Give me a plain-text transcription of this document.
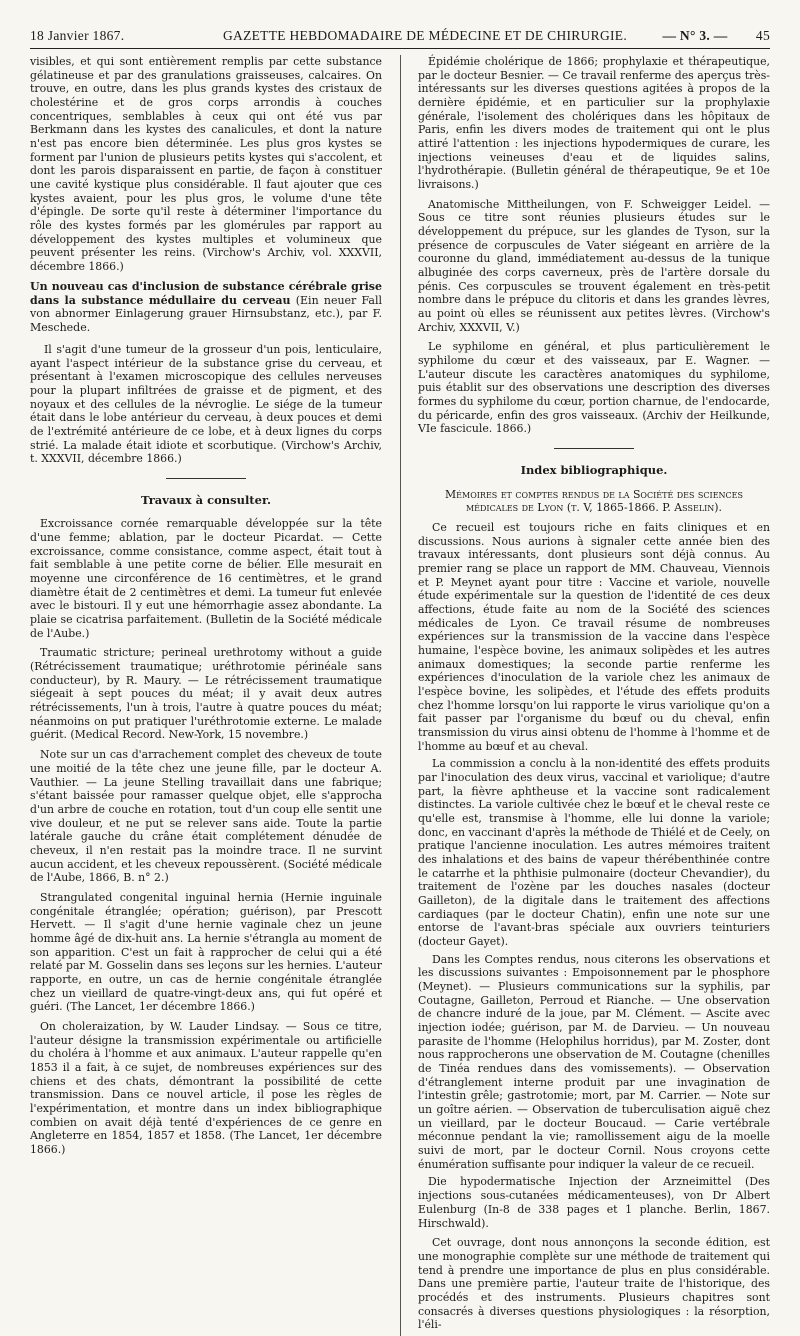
18 Janvier 1867.	GAZETTE HEBDOMADAIRE DE MÉDECINE ET DE CHIRURGIE.	— N° 3. —	45

visibles, et qui sont entièrement remplis par cette substance gélatineuse et par des granulations graisseuses, calcaires. On trouve, en outre, dans les plus grands kystes des cristaux de cholestérine et de gros corps arrondis à couches concentriques, semblables à ceux qui ont été vus par Berkmann dans les kystes des canalicules, et dont la nature n'est pas encore bien déterminée. Les plus gros kystes se forment par l'union de plusieurs petits kystes qui s'accolent, et dont les parois disparaissent en partie, de façon à constituer une cavité kystique plus considérable. Il faut ajouter que ces kystes avaient, pour les plus gros, le volume d'une tête d'épingle. De sorte qu'il reste à déterminer l'importance du rôle des kystes formés par les glomérules par rapport au développement des kystes multiples et volumineux que peuvent présenter les reins. (Virchow's Archiv, vol. XXXVII, décembre 1866.)

Un nouveau cas d'inclusion de substance cérébrale grise dans la substance médullaire du cerveau (Ein neuer Fall von abnormer Einlagerung grauer Hirnsubstanz, etc.), par F. Meschede.

Il s'agit d'une tumeur de la grosseur d'un pois, lenticulaire, ayant l'aspect intérieur de la substance grise du cerveau, et présentant à l'examen microscopique des cellules nerveuses pour la plupart infiltrées de graisse et de pigment, et des noyaux et des cellules de la névroglie. Le siége de la tumeur était dans le lobe antérieur du cerveau, à deux pouces et demi de l'extrémité antérieure de ce lobe, et à deux lignes du corps strié. La malade était idiote et scorbutique. (Virchow's Archiv, t. XXXVII, décembre 1866.)

Travaux à consulter.

Excroissance cornée remarquable développée sur la tête d'une femme; ablation, par le docteur Picardat. — Cette excroissance, comme consistance, comme aspect, était tout à fait semblable à une petite corne de bélier. Elle mesurait en moyenne une circonférence de 16 centimètres, et le grand diamètre était de 2 centimètres et demi. La tumeur fut enlevée avec le bistouri. Il y eut une hémorrhagie assez abondante. La plaie se cicatrisa parfaitement. (Bulletin de la Société médicale de l'Aube.)

Traumatic stricture; perineal urethrotomy without a guide (Rétrécissement traumatique; uréthrotomie périnéale sans conducteur), by R. Maury. — Le rétrécissement traumatique siégeait à sept pouces du méat; il y avait deux autres rétrécissements, l'un à trois, l'autre à quatre pouces du méat; néanmoins on put pratiquer l'uréthrotomie externe. Le malade guérit. (Medical Record. New-York, 15 novembre.)

Note sur un cas d'arrachement complet des cheveux de toute une moitié de la tête chez une jeune fille, par le docteur A. Vauthier. — La jeune Stelling travaillait dans une fabrique; s'étant baissée pour ramasser quelque objet, elle s'approcha d'un arbre de couche en rotation, tout d'un coup elle sentit une vive douleur, et ne put se relever sans aide. Toute la partie latérale gauche du crâne était complétement dénudée de cheveux, il n'en restait pas la moindre trace. Il ne survint aucun accident, et les cheveux repoussèrent. (Société médicale de l'Aube, 1866, B. n° 2.)

Strangulated congenital inguinal hernia (Hernie inguinale congénitale étranglée; opération; guérison), par Prescott Hervett. — Il s'agit d'une hernie vaginale chez un jeune homme âgé de dix-huit ans. La hernie s'étrangla au moment de son apparition. C'est un fait à rapprocher de celui qui a été relaté par M. Gosselin dans ses leçons sur les hernies. L'auteur rapporte, en outre, un cas de hernie congénitale étranglée chez un vieillard de quatre-vingt-deux ans, qui fut opéré et guéri. (The Lancet, 1er décembre 1866.)

On choleraization, by W. Lauder Lindsay. — Sous ce titre, l'auteur désigne la transmission expérimentale ou artificielle du choléra à l'homme et aux animaux. L'auteur rappelle qu'en 1853 il a fait, à ce sujet, de nombreuses expériences sur des chiens et des chats, démontrant la possibilité de cette transmission. Dans ce nouvel article, il pose les règles de l'expérimentation, et montre dans un index bibliographique combien on avait déjà tenté d'expériences de ce genre en Angleterre en 1854, 1857 et 1858. (The Lancet, 1er décembre 1866.)

Épidémie cholérique de 1866; prophylaxie et thérapeutique, par le docteur Besnier. — Ce travail renferme des aperçus très-intéressants sur les diverses questions agitées à propos de la dernière épidémie, et en particulier sur la prophylaxie générale, l'isolement des cholériques dans les hôpitaux de Paris, enfin les divers modes de traitement qui ont le plus attiré l'attention : les injections hypodermiques de curare, les injections veineuses d'eau et de liquides salins, l'hydrothérapie. (Bulletin général de thérapeutique, 9e et 10e livraisons.)

Anatomische Mittheilungen, von F. Schweigger Leidel. — Sous ce titre sont réunies plusieurs études sur le développement du prépuce, sur les glandes de Tyson, sur la présence de corpuscules de Vater siégeant en arrière de la couronne du gland, immédiatement au-dessus de la tunique albuginée des corps caverneux, près de l'artère dorsale du pénis. Ces corpuscules se trouvent également en très-petit nombre dans le prépuce du clitoris et dans les grandes lèvres, au point où elles se réunissent aux petites lèvres. (Virchow's Archiv, XXXVII, V.)

Le syphilome en général, et plus particulièrement le syphilome du cœur et des vaisseaux, par E. Wagner. — L'auteur discute les caractères anatomiques du syphilome, puis établit sur des observations une description des diverses formes du syphilome du cœur, portion charnue, de l'endocarde, du péricarde, enfin des gros vaisseaux. (Archiv der Heilkunde, VIe fascicule. 1866.)

Index bibliographique.

Mémoires et comptes rendus de la Société des sciences médicales de Lyon (t. V, 1865-1866. P. Asselin).

Ce recueil est toujours riche en faits cliniques et en discussions. Nous aurions à signaler cette année bien des travaux intéressants, dont plusieurs sont déjà connus. Au premier rang se place un rapport de MM. Chauveau, Viennois et P. Meynet ayant pour titre : Vaccine et variole, nouvelle étude expérimentale sur la question de l'identité de ces deux affections, étude faite au nom de la Société des sciences médicales de Lyon. Ce travail résume de nombreuses expériences sur la transmission de la vaccine dans l'espèce humaine, l'espèce bovine, les animaux solipèdes et les autres animaux domestiques; la seconde partie renferme les expériences d'inoculation de la variole chez les animaux de l'espèce bovine, les solipèdes, et l'étude des effets produits chez l'homme lorsqu'on lui rapporte le virus variolique qu'on a fait passer par l'organisme du bœuf ou du cheval, enfin transmission du virus ainsi obtenu de l'homme à l'homme et de l'homme au bœuf et au cheval.

La commission a conclu à la non-identité des effets produits par l'inoculation des deux virus, vaccinal et variolique; d'autre part, la fièvre aphtheuse et la vaccine sont radicalement distinctes. La variole cultivée chez le bœuf et le cheval reste ce qu'elle est, transmise à l'homme, elle lui donne la variole; donc, en vaccinant d'après la méthode de Thiélé et de Ceely, on pratique l'ancienne inoculation. Les autres mémoires traitent des inhalations et des bains de vapeur thérébenthinée contre le catarrhe et la phthisie pulmonaire (docteur Chevandier), du traitement de l'ozène par les douches nasales (docteur Gailleton), de la digitale dans le traitement des affections cardiaques (par le docteur Chatin), enfin une note sur une entorse de l'avant-bras spéciale aux ouvriers teinturiers (docteur Gayet).

Dans les Comptes rendus, nous citerons les observations et les discussions suivantes : Empoisonnement par le phosphore (Meynet). — Plusieurs communications sur la syphilis, par Coutagne, Gailleton, Perroud et Rianche. — Une observation de chancre induré de la joue, par M. Clément. — Ascite avec injection iodée; guérison, par M. de Darvieu. — Un nouveau parasite de l'homme (Helophilus horridus), par M. Zoster, dont nous rapprocherons une observation de M. Coutagne (chenilles de Tinéa rendues dans des vomissements). — Observation d'étranglement interne produit par une invagination de l'intestin grêle; gastrotomie; mort, par M. Carrier. — Note sur un goître aérien. — Observation de tuberculisation aiguë chez un vieillard, par le docteur Boucaud. — Carie vertébrale méconnue pendant la vie; ramollissement aigu de la moelle suivi de mort, par le docteur Cornil. Nous croyons cette énumération suffisante pour indiquer la valeur de ce recueil.

Die hypodermatische Injection der Arzneimittel (Des injections sous-cutanées médicamenteuses), von Dr Albert Eulenburg (In-8 de 338 pages et 1 planche. Berlin, 1867. Hirschwald).

Cet ouvrage, dont nous annonçons la seconde édition, est une monographie complète sur une méthode de traitement qui tend à prendre une importance de plus en plus considérable. Dans une première partie, l'auteur traite de l'historique, des procédés et des instruments. Plusieurs chapitres sont consacrés à diverses questions physiologiques : la résorption, l'éli-
